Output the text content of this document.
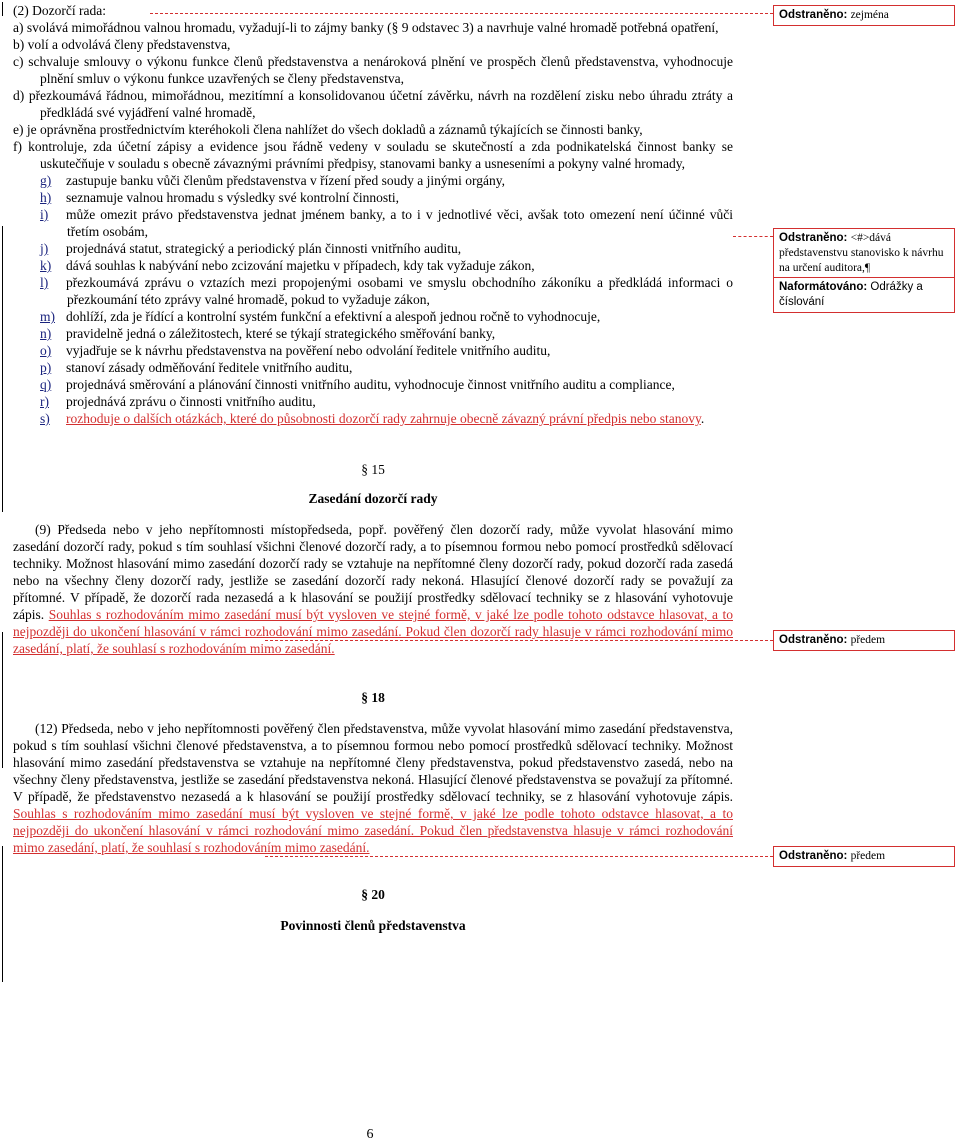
(2) Dozorčí rada:

a) svolává mimořádnou valnou hromadu, vyžadují-li to zájmy banky (§ 9 odstavec 3) a navrhuje valné hromadě potřebná opatření,

b) volí a odvolává členy představenstva,

c) schvaluje smlouvy o výkonu funkce členů představenstva a nenároková plnění ve prospěch členů představenstva, vyhodnocuje plnění smluv o výkonu funkce uzavřených se členy představenstva,

d) přezkoumává řádnou, mimořádnou, mezitímní a konsolidovanou účetní závěrku, návrh na rozdělení zisku nebo úhradu ztráty a předkládá své vyjádření valné hromadě,

e) je oprávněna prostřednictvím kteréhokoli člena nahlížet do všech dokladů a záznamů týkajících se činnosti banky,

f) kontroluje, zda účetní zápisy a evidence jsou řádně vedeny v souladu se skutečností a zda podnikatelská činnost banky se uskutečňuje v souladu s obecně závaznými právními předpisy, stanovami banky a usneseními a pokyny valné hromady,

g) zastupuje banku vůči členům představenstva v řízení před soudy a jinými orgány,

h) seznamuje valnou hromadu s výsledky své kontrolní činnosti,

i) může omezit právo představenstva jednat jménem banky, a to i v jednotlivé věci, avšak toto omezení není účinné vůči třetím osobám,

j) projednává statut, strategický a periodický plán činnosti vnitřního auditu,

k) dává souhlas k nabývání nebo zcizování majetku v případech, kdy tak vyžaduje zákon,

l) přezkoumává zprávu o vztazích mezi propojenými osobami ve smyslu obchodního zákoníku a předkládá informaci o přezkoumání této zprávy valné hromadě, pokud to vyžaduje zákon,

m) dohlíží, zda je řídící a kontrolní systém funkční a efektivní a alespoň jednou ročně to vyhodnocuje,

n) pravidelně jedná o záležitostech, které se týkají strategického směřování banky,

o) vyjadřuje se k návrhu představenstva na pověření nebo odvolání ředitele vnitřního auditu,

p) stanoví zásady odměňování ředitele vnitřního auditu,

q) projednává směrování a plánování činnosti vnitřního auditu, vyhodnocuje činnost vnitřního auditu a compliance,

r) projednává zprávu o činnosti vnitřního auditu,

s) rozhoduje o dalších otázkách, které do působnosti dozorčí rady zahrnuje obecně závazný právní předpis nebo stanovy.

§ 15

Zasedání dozorčí rady

(9) Předseda nebo v jeho nepřítomnosti místopředseda, popř. pověřený člen dozorčí rady, může vyvolat hlasování mimo zasedání dozorčí rady, pokud s tím souhlasí všichni členové dozorčí rady, a to písemnou formou nebo pomocí prostředků sdělovací techniky. Možnost hlasování mimo zasedání dozorčí rady se vztahuje na nepřítomné členy dozorčí rady, pokud dozorčí rada zasedá nebo na všechny členy dozorčí rady, jestliže se zasedání dozorčí rady nekoná. Hlasující členové dozorčí rady se považují za přítomné. V případě, že dozorčí rada nezasedá a k hlasování se použijí prostředky sdělovací techniky se z hlasování vyhotovuje zápis. Souhlas s rozhodováním mimo zasedání musí být vysloven ve stejné formě, v jaké lze podle tohoto odstavce hlasovat, a to nejpozději do ukončení hlasování v rámci rozhodování mimo zasedání. Pokud člen dozorčí rady hlasuje v rámci rozhodování mimo zasedání, platí, že souhlasí s rozhodováním mimo zasedání.

§ 18

(12) Předseda, nebo v jeho nepřítomnosti pověřený člen představenstva, může vyvolat hlasování mimo zasedání představenstva, pokud s tím souhlasí všichni členové představenstva, a to písemnou formou nebo pomocí prostředků sdělovací techniky. Možnost hlasování mimo zasedání představenstva se vztahuje na nepřítomné členy představenstva, pokud představenstvo zasedá, nebo na všechny členy představenstva, jestliže se zasedání představenstva nekoná. Hlasující členové představenstva se považují za přítomné. V případě, že představenstvo nezasedá a k hlasování se použijí prostředky sdělovací techniky, se z hlasování vyhotovuje zápis. Souhlas s rozhodováním mimo zasedání musí být vysloven ve stejné formě, v jaké lze podle tohoto odstavce hlasovat, a to nejpozději do ukončení hlasování v rámci rozhodování mimo zasedání. Pokud člen představenstva hlasuje v rámci rozhodování mimo zasedání, platí, že souhlasí s rozhodováním mimo zasedání.

§ 20

Povinnosti členů představenstva

Odstraněno: zejména
Odstraněno: <#>dává představenstvu stanovisko k návrhu na určení auditora,¶
Naformátováno: Odrážky a číslování
Odstraněno: předem
Odstraněno: předem
6
